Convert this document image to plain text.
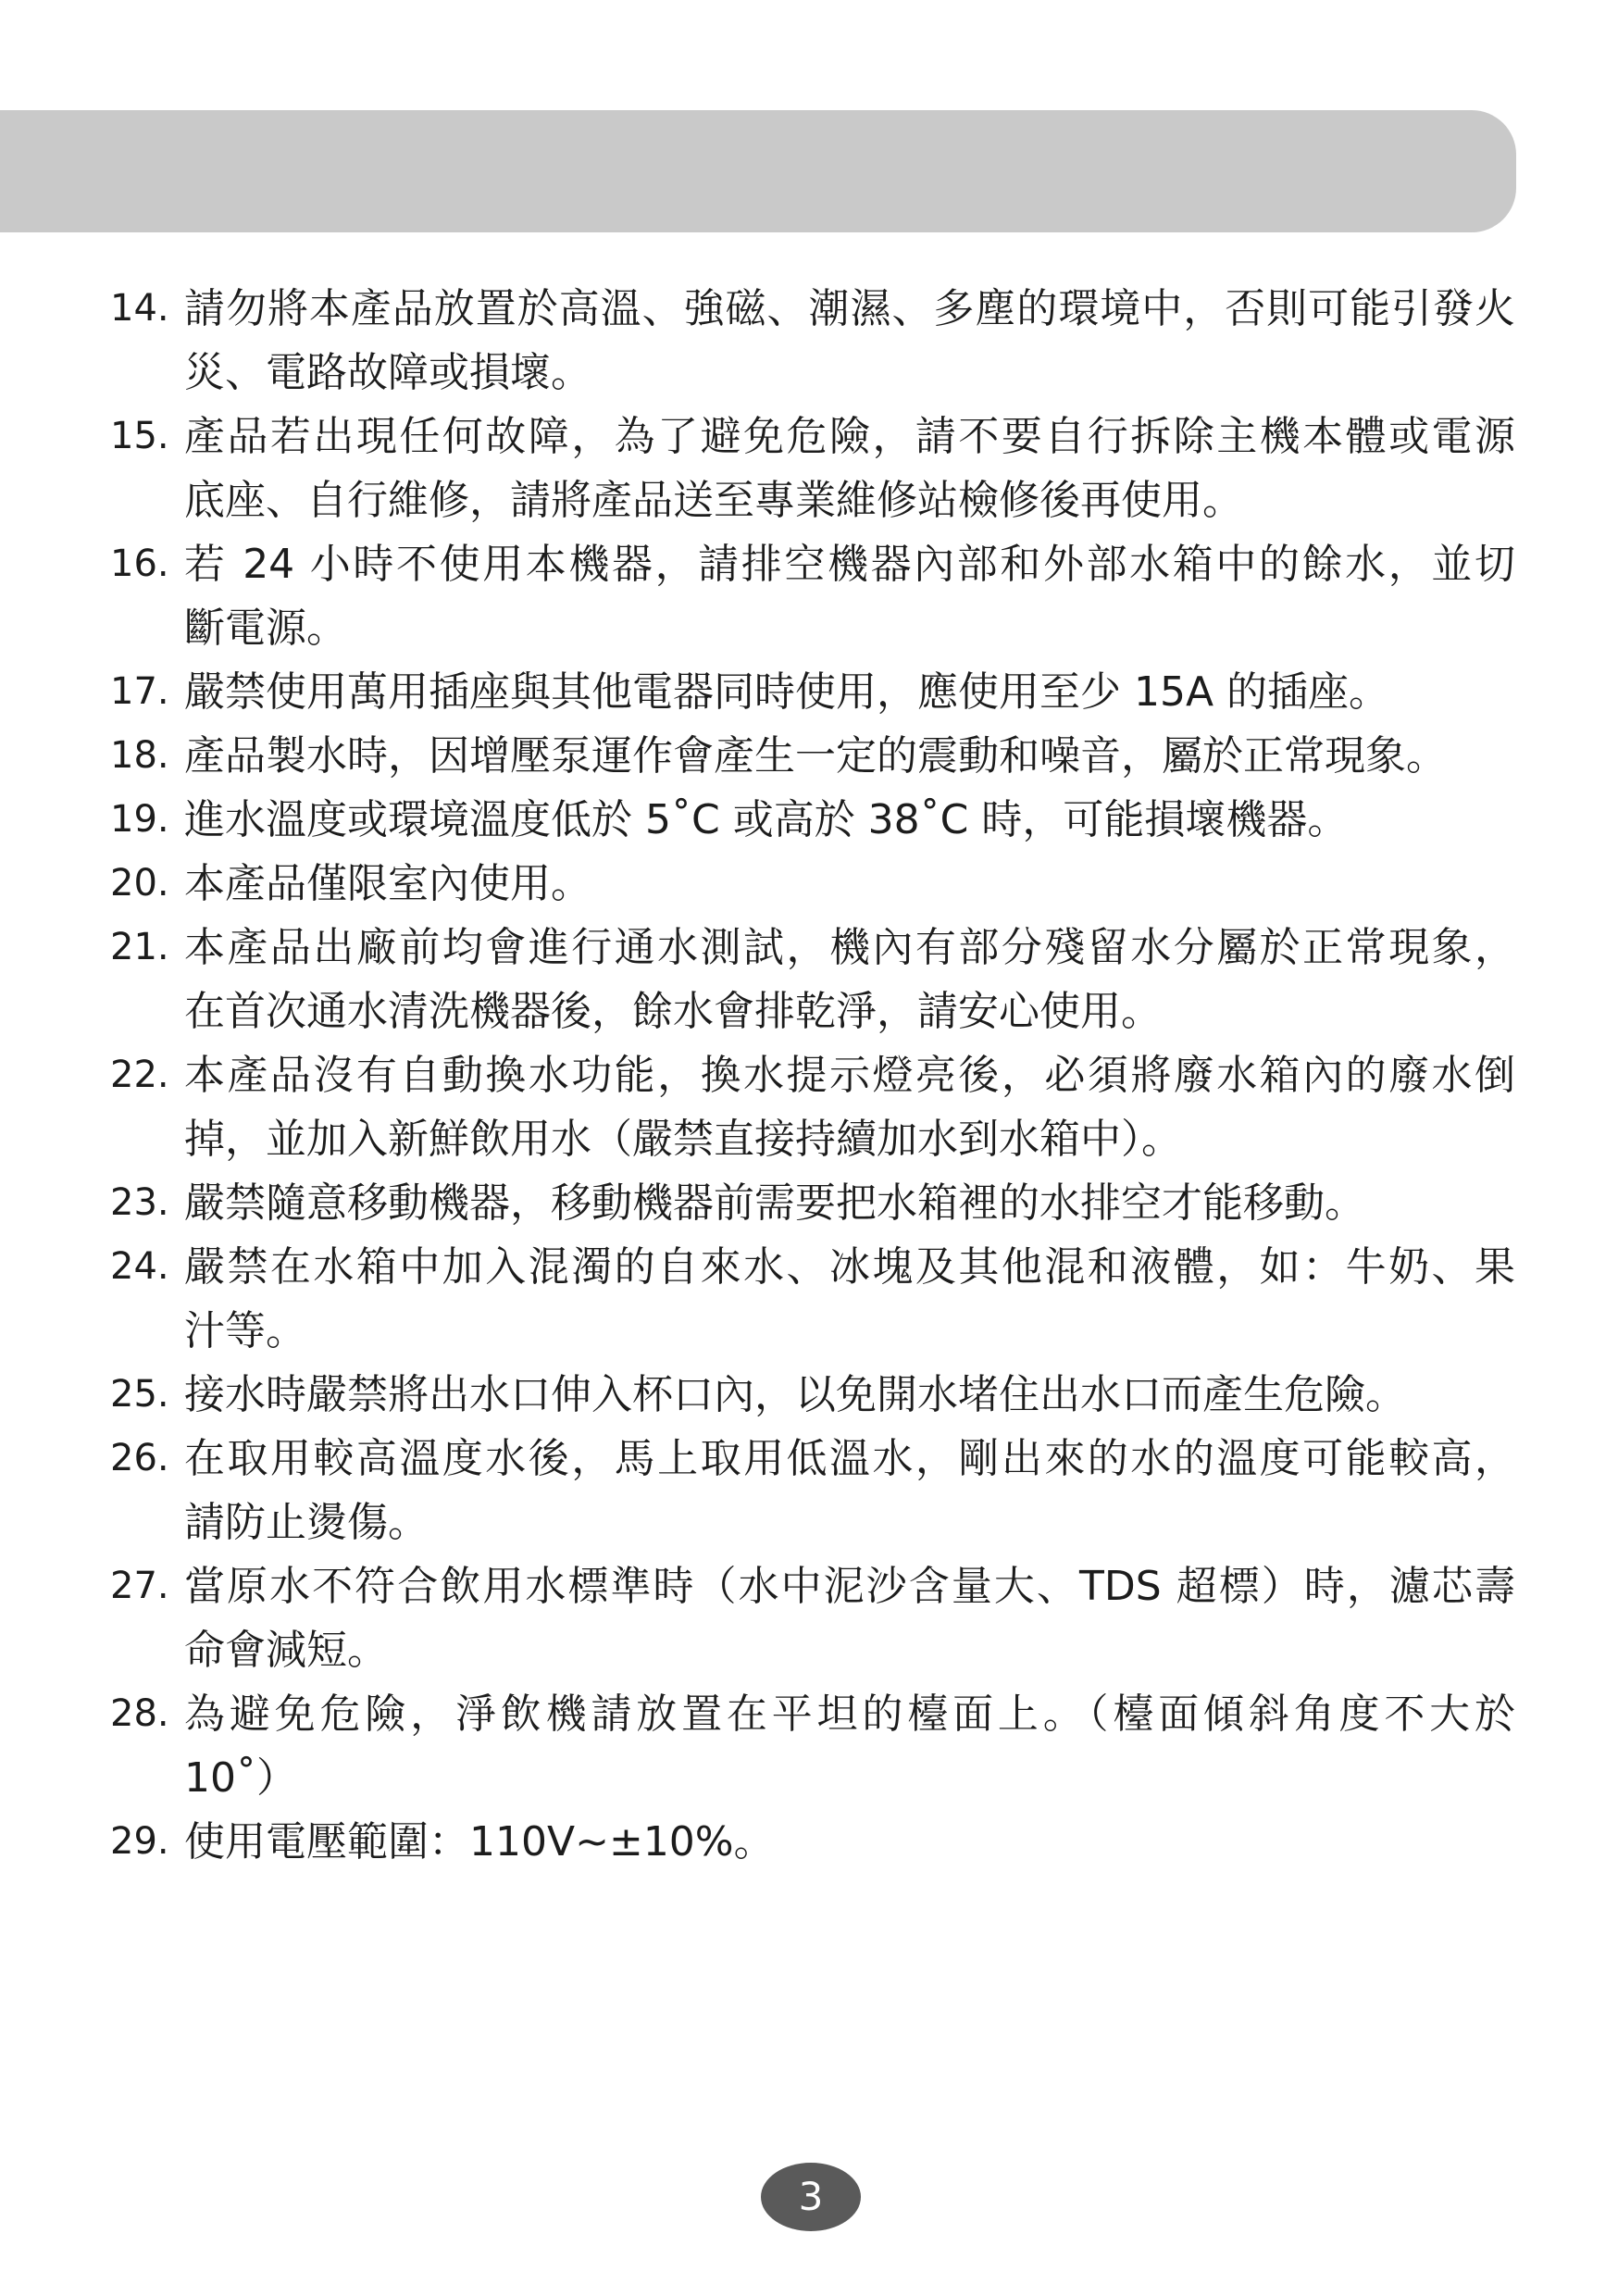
14. 請勿將本產品放置於高溫、強磁、潮濕、多塵的環境中，否則可能引發火
災、電路故障或損壞。
15. 產品若出現任何故障，為了避免危險，請不要自行拆除主機本體或電源
底座、自行維修，請將產品送至專業維修站檢修後再使用。
16. 若 24 小時不使用本機器，請排空機器內部和外部水箱中的餘水，並切
斷電源。
17. 嚴禁使用萬用插座與其他電器同時使用，應使用至少 15A 的插座。
18. 產品製水時，因增壓泵運作會產生一定的震動和噪音，屬於正常現象。
19. 進水溫度或環境溫度低於 5˚C 或高於 38˚C 時，可能損壞機器。
20. 本產品僅限室內使用。
21. 本產品出廠前均會進行通水測試，機內有部分殘留水分屬於正常現象，
在首次通水清洗機器後，餘水會排乾淨，請安心使用。
22. 本產品沒有自動換水功能，換水提示燈亮後，必須將廢水箱內的廢水倒
掉，並加入新鮮飲用水（嚴禁直接持續加水到水箱中）。
23. 嚴禁隨意移動機器，移動機器前需要把水箱裡的水排空才能移動。
24. 嚴禁在水箱中加入混濁的自來水、冰塊及其他混和液體，如：牛奶、果
汁等。
25. 接水時嚴禁將出水口伸入杯口內，以免開水堵住出水口而產生危險。
26. 在取用較高溫度水後，馬上取用低溫水，剛出來的水的溫度可能較高，
請防止燙傷。
27. 當原水不符合飲用水標準時（水中泥沙含量大、TDS 超標）時，濾芯壽
命會減短。
28. 為避免危險，淨飲機請放置在平坦的檯面上。（檯面傾斜角度不大於
10˚）
29. 使用電壓範圍：110V~±10%。
3
